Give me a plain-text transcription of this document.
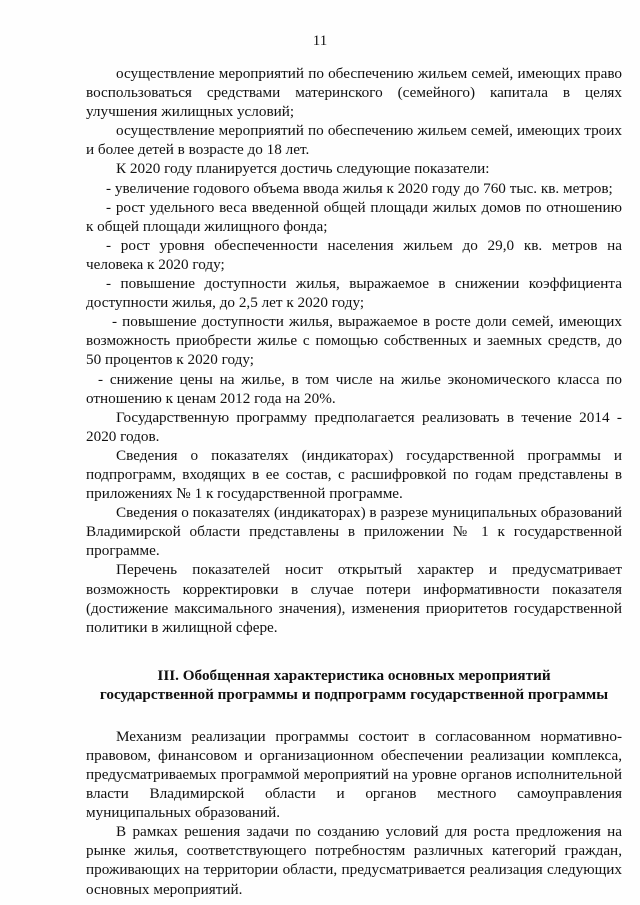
11

осуществление мероприятий по обеспечению жильем семей, имеющих право воспользоваться средствами материнского (семейного) капитала в целях улучшения жилищных условий;

осуществление мероприятий по обеспечению жильем семей, имеющих троих и более детей в возрасте до 18 лет.

К 2020 году планируется достичь следующие показатели:

- увеличение годового объема ввода жилья к 2020 году до 760 тыс. кв. метров;

- рост удельного веса введенной общей площади жилых домов по отношению к общей площади жилищного фонда;

- рост уровня обеспеченности населения жильем до 29,0 кв. метров на человека к 2020 году;

- повышение доступности жилья, выражаемое в снижении коэффициента доступности жилья, до 2,5 лет к 2020 году;

- повышение доступности жилья, выражаемое в росте доли семей, имеющих возможность приобрести жилье с помощью собственных и заемных средств, до 50 процентов к 2020 году;

- снижение цены на жилье, в том числе на жилье экономического класса по отношению к ценам 2012 года на 20%.

Государственную программу предполагается реализовать в течение 2014 - 2020 годов.

Сведения о показателях (индикаторах) государственной программы и подпрограмм, входящих в ее состав, с расшифровкой по годам представлены в приложениях № 1 к государственной программе.

Сведения о показателях (индикаторах) в разрезе муниципальных образований Владимирской области представлены в приложении № 1 к государственной программе.

Перечень показателей носит открытый характер и предусматривает возможность корректировки в случае потери информативности показателя (достижение максимального значения), изменения приоритетов государственной политики в жилищной сфере.

III. Обобщенная характеристика основных мероприятий
государственной программы и подпрограмм государственной программы

Механизм реализации программы состоит в согласованном нормативно-правовом, финансовом и организационном обеспечении реализации комплекса, предусматриваемых программой мероприятий на уровне органов исполнительной власти Владимирской области и органов местного самоуправления муниципальных образований.

В рамках решения задачи по созданию условий для роста предложения на рынке жилья, соответствующего потребностям различных категорий граждан, проживающих на территории области, предусматривается реализация следующих основных мероприятий.
